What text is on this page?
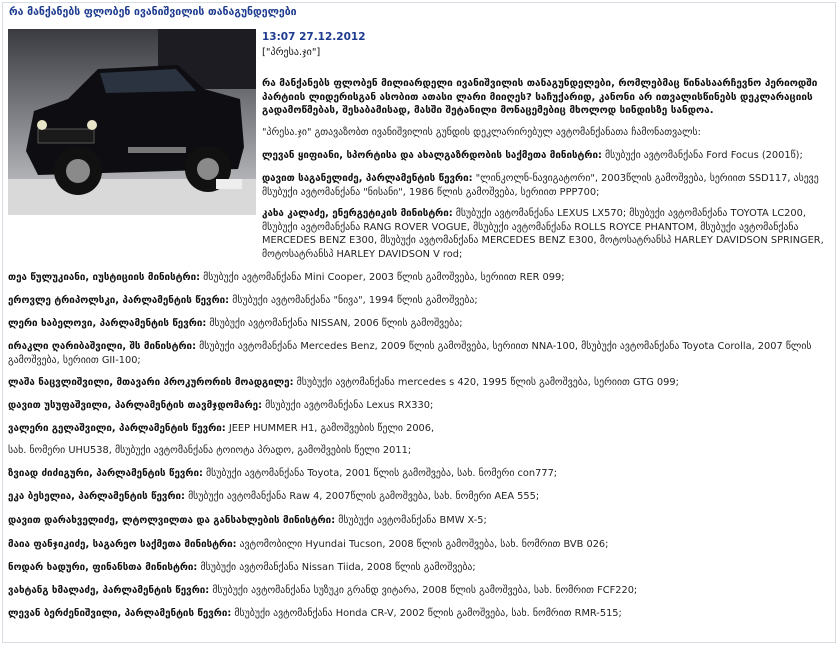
რა მანქანებს ფლობენ ივანიშვილის თანაგუნდელები
13:07 27.12.2012
["პრესა.ჯი"]
რა მანქანებს ფლობენ მილიარდელი ივანიშვილის თანაგუნდელები, რომლებმაც წინასაარჩევნო პერიოდში პარტიის ლიდერისგან ასობით ათასი ლარი მიიღეს? საჩუქარიდ, კანონი არ ითვალისწინებს დეკლარაციის გადამოწმებას, შესაბამისად, მასში შეტანილი მონაცემებიც მხოლოდ სინდისზე სანდოა.
"პრესა.ჯი" გთავაზობთ ივანიშვილის გუნდის დეკლარირებულ ავტომანქანათა ჩამონათვალს:
ლევან ყიფიანი, სპორტისა და ახალგაზრდობის საქმეთა მინისტრი: მსუბუქი ავტომანქანა Ford Focus (2001წ);
დავით საგანელიძე, პარლამენტის წევრი: "ლინკოლნ-ნავიგატორი", 2003წლის გამოშვება, სერიით SSD117, ასევე მსუბუქი ავტომანქანა "ნისანი", 1986 წლის გამოშვება, სერიით PPP700;
კახა კალაძე, ენერგეტიკის მინისტრი: მსუბუქი ავტომანქანა LEXUS LX570; მსუბუქი ავტომანქანა TOYOTA LC200, მსუბუქი ავტომანქანა RANG ROVER VOGUE, მსუბუქი ავტომანქანა ROLLS ROYCE PHANTOM, მსუბუქი ავტომანქანა MERCEDES BENZ E300, მსუბუქი ავტომანქანა MERCEDES BENZ E300, მოტოსატრანსპ HARLEY DAVIDSON SPRINGER, მოტოსატრანსპ HARLEY DAVIDSON V rod;
თეა წულუკიანი, იუსტიციის მინისტრი: მსუბუქი ავტომანქანა Mini Cooper, 2003 წლის გამოშვება, სერიით RER 099;
ეროვლე ტრიპოლსკი, პარლამენტის წევრი: მსუბუქი ავტომანქანა "ნივა", 1994 წლის გამოშვება;
ლერი ხაბელოვი, პარლამენტის წევრი: მსუბუქი ავტომანქანა NISSAN, 2006 წლის გამოშვება;
ირაკლი ღარიბაშვილი, შს მინისტრი: მსუბუქი ავტომანქანა Mercedes Benz, 2009 წლის გამოშვება, სერიით NNA-100, მსუბუქი ავტომანქანა Toyota Corolla, 2007 წლის გამოშვება, სერიით GII-100;
ლაშა ნაცვლიშვილი, მთავარი პროკურორის მოადგილე: მსუბუქი ავტომანქანა mercedes s 420, 1995 წლის გამოშვება, სერიით GTG 099;
დავით უსუფაშვილი, პარლამენტის თავმჯდომარე: მსუბუქი ავტომანქანა Lexus RX330;
ვალერი გელაშვილი, პარლამენტის წევრი: JEEP HUMMER H1, გამოშვების წელი 2006,
სახ. ნომერი UHU538, მსუბუქი ავტომანქანა ტოიოტა პრადო, გამოშვების წელი 2011;
ზვიად ძიძიგური, პარლამენტის წევრი: მსუბუქი ავტომანქანა Toyota, 2001 წლის გამოშვება, სახ. ნომერი con777;
ეკა ბესელია, პარლამენტის წევრი: მსუბუქი ავტომანქანა Raw 4, 2007წლის გამოშვება, სახ. ნომერი AEA 555;
დავით დარახველიძე, ლტოლვილთა და განსახლების მინისტრი: მსუბუქი ავტომანქანა BMW X-5;
მაია ფანჯიკიძე, საგარეო საქმეთა მინისტრი: ავტომობილი Hyundai Tucson, 2008 წლის გამოშვება, სახ. ნომრით BVB 026;
ნოდარ ხადური, ფინანსთა მინისტრი: მსუბუქი ავტომანქანა Nissan Tiida, 2008 წლის გამოშვება;
ვახტანგ ხმალაძე, პარლამენტის წევრი: მსუბუქი ავტომანქანა სუზუკი გრანდ ვიტარა, 2008 წლის გამოშვება, სახ. ნომრით FCF220;
ლევან ბერძენიშვილი, პარლამენტის წევრი: მსუბუქი ავტომანქანა Honda CR-V, 2002 წლის გამოშვება, სახ. ნომრით RMR-515;
